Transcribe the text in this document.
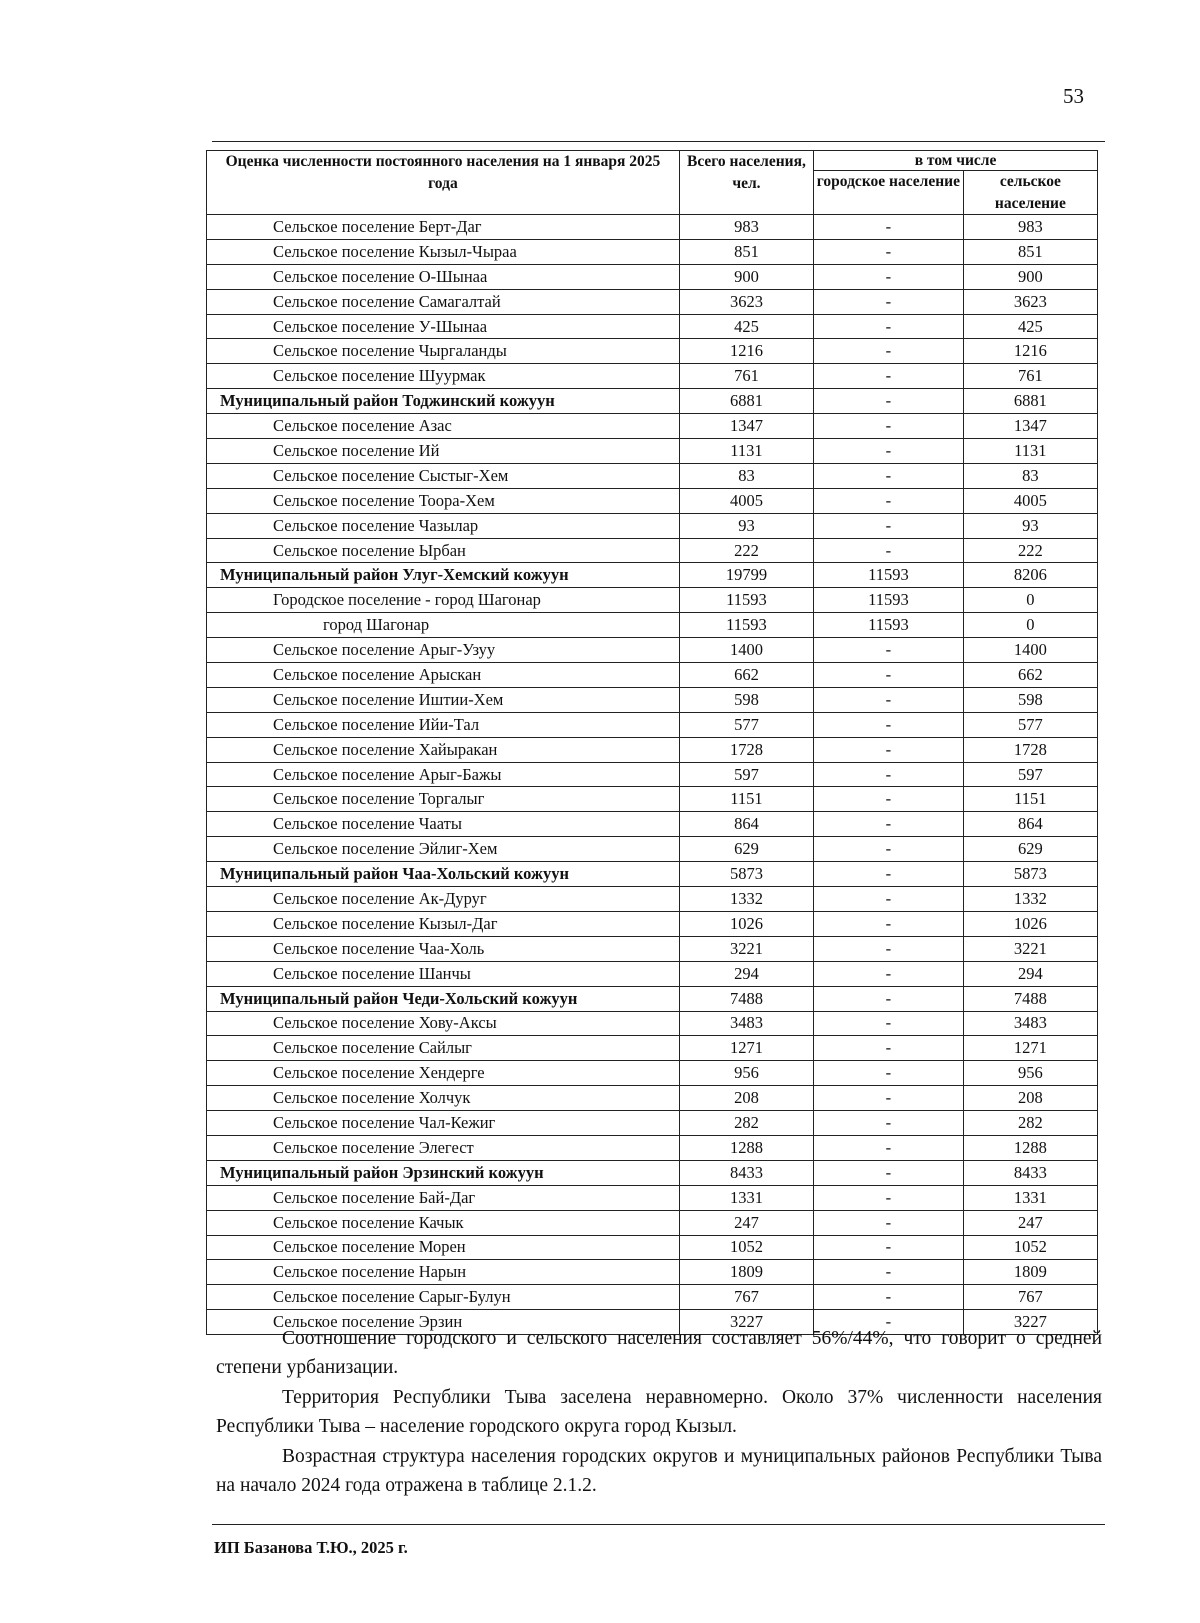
53
Оценка численности постоянного населения на 1 января 2025 года	Всего населения, чел.	в том числе	
		городское население	сельское население
Сельское поселение Берт-Даг	983	-	983
Сельское поселение Кызыл-Чыраа	851	-	851
Сельское поселение О-Шынаа	900	-	900
Сельское поселение Самагалтай	3623	-	3623
Сельское поселение У-Шынаа	425	-	425
Сельское поселение Чыргаланды	1216	-	1216
Сельское поселение Шуурмак	761	-	761
Муниципальный район Тоджинский кожуун	6881	-	6881
Сельское поселение Азас	1347	-	1347
Сельское поселение Ий	1131	-	1131
Сельское поселение Сыстыг-Хем	83	-	83
Сельское поселение Тоора-Хем	4005	-	4005
Сельское поселение Чазылар	93	-	93
Сельское поселение Ырбан	222	-	222
Муниципальный район Улуг-Хемский кожуун	19799	11593	8206
Городское поселение - город Шагонар	11593	11593	0
город Шагонар	11593	11593	0
Сельское поселение Арыг-Узуу	1400	-	1400
Сельское поселение Арыскан	662	-	662
Сельское поселение Иштии-Хем	598	-	598
Сельское поселение Ийи-Тал	577	-	577
Сельское поселение Хайыракан	1728	-	1728
Сельское поселение Арыг-Бажы	597	-	597
Сельское поселение Торгалыг	1151	-	1151
Сельское поселение Чааты	864	-	864
Сельское поселение Эйлиг-Хем	629	-	629
Муниципальный район Чаа-Хольский кожуун	5873	-	5873
Сельское поселение Ак-Дуруг	1332	-	1332
Сельское поселение Кызыл-Даг	1026	-	1026
Сельское поселение Чаа-Холь	3221	-	3221
Сельское поселение Шанчы	294	-	294
Муниципальный район Чеди-Хольский кожуун	7488	-	7488
Сельское поселение Хову-Аксы	3483	-	3483
Сельское поселение Сайлыг	1271	-	1271
Сельское поселение Хендерге	956	-	956
Сельское поселение Холчук	208	-	208
Сельское поселение Чал-Кежиг	282	-	282
Сельское поселение Элегест	1288	-	1288
Муниципальный район Эрзинский кожуун	8433	-	8433
Сельское поселение Бай-Даг	1331	-	1331
Сельское поселение Качык	247	-	247
Сельское поселение Морен	1052	-	1052
Сельское поселение Нарын	1809	-	1809
Сельское поселение Сарыг-Булун	767	-	767
Сельское поселение Эрзин	3227	-	3227

Соотношение городского и сельского населения составляет 56%/44%, что говорит о средней степени урбанизации.

Территория Республики Тыва заселена неравномерно. Около 37% численности населения Республики Тыва – население городского округа город Кызыл.

Возрастная структура населения городских округов и муниципальных районов Республики Тыва на начало 2024 года отражена в таблице 2.1.2.

ИП Базанова Т.Ю., 2025 г.
